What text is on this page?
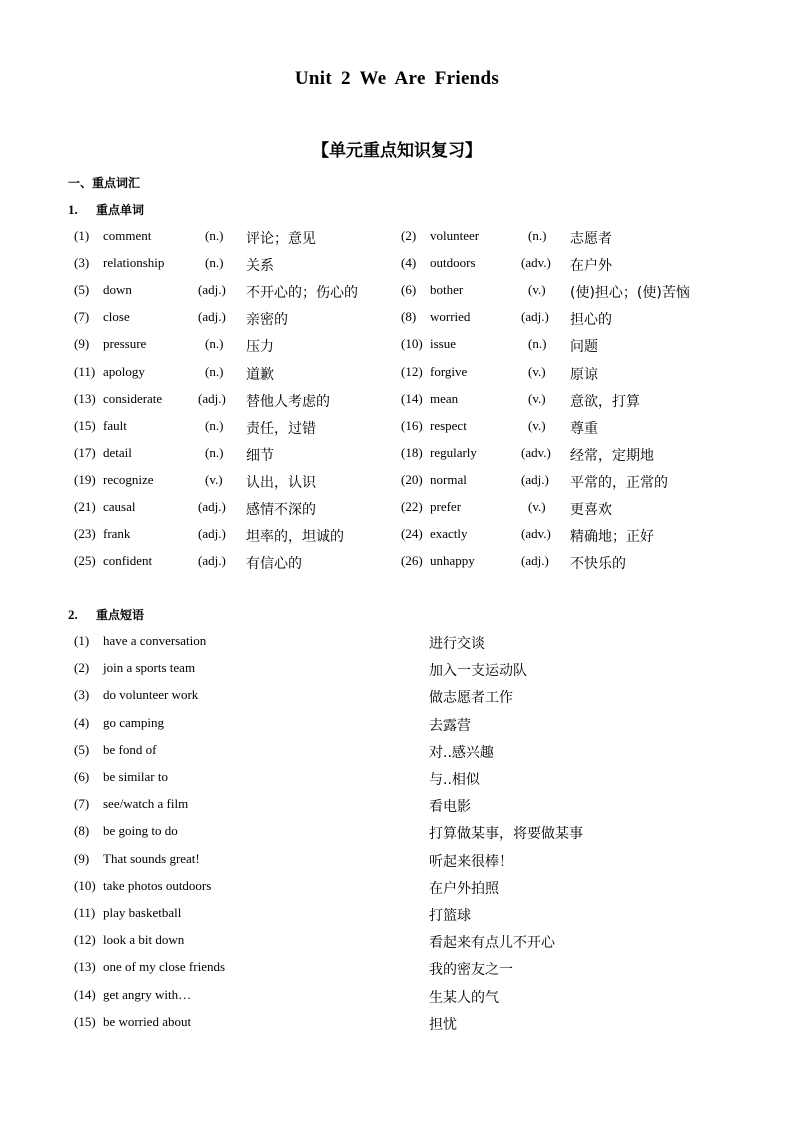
Unit 2 We Are Friends
【单元重点知识复习】
一、重点词汇
1. 重点单词
(1) comment	(n.) 评论；意见	(2) volunteer	(n.) 志愿者
(3) relationship	(n.) 关系	(4) outdoors	(adv.) 在户外
(5) down	(adj.) 不开心的；伤心的	(6) bother	(v.) (使)担心；(使)苦恼
(7) close	(adj.) 亲密的	(8) worried	(adj.) 担心的
(9) pressure	(n.) 压力	(10) issue	(n.) 问题
(11) apology	(n.) 道歉	(12) forgive	(v.) 原谅
(13) considerate	(adj.) 替他人考虑的	(14) mean	(v.) 意欲，打算
(15) fault	(n.) 责任，过错	(16) respect	(v.) 尊重
(17) detail	(n.) 细节	(18) regularly	(adv.) 经常，定期地
(19) recognize	(v.) 认出，认识	(20) normal	(adj.) 平常的，正常的
(21) causal	(adj.) 感情不深的	(22) prefer	(v.) 更喜欢
(23) frank	(adj.) 坦率的，坦诚的	(24) exactly	(adv.) 精确地；正好
(25) confident	(adj.) 有信心的	(26) unhappy	(adj.) 不快乐的
2. 重点短语
(1) have a conversation	进行交谈
(2) join a sports team	加入一支运动队
(3) do volunteer work	做志愿者工作
(4) go camping	去露营
(5) be fond of	对..感兴趣
(6) be similar to	与..相似
(7) see/watch a film	看电影
(8) be going to do	打算做某事，将要做某事
(9) That sounds great!	听起来很棒！
(10) take photos outdoors	在户外拍照
(11) play basketball	打篮球
(12) look a bit down	看起来有点儿不开心
(13) one of my close friends	我的密友之一
(14) get angry with…	生某人的气
(15) be worried about	担忧
